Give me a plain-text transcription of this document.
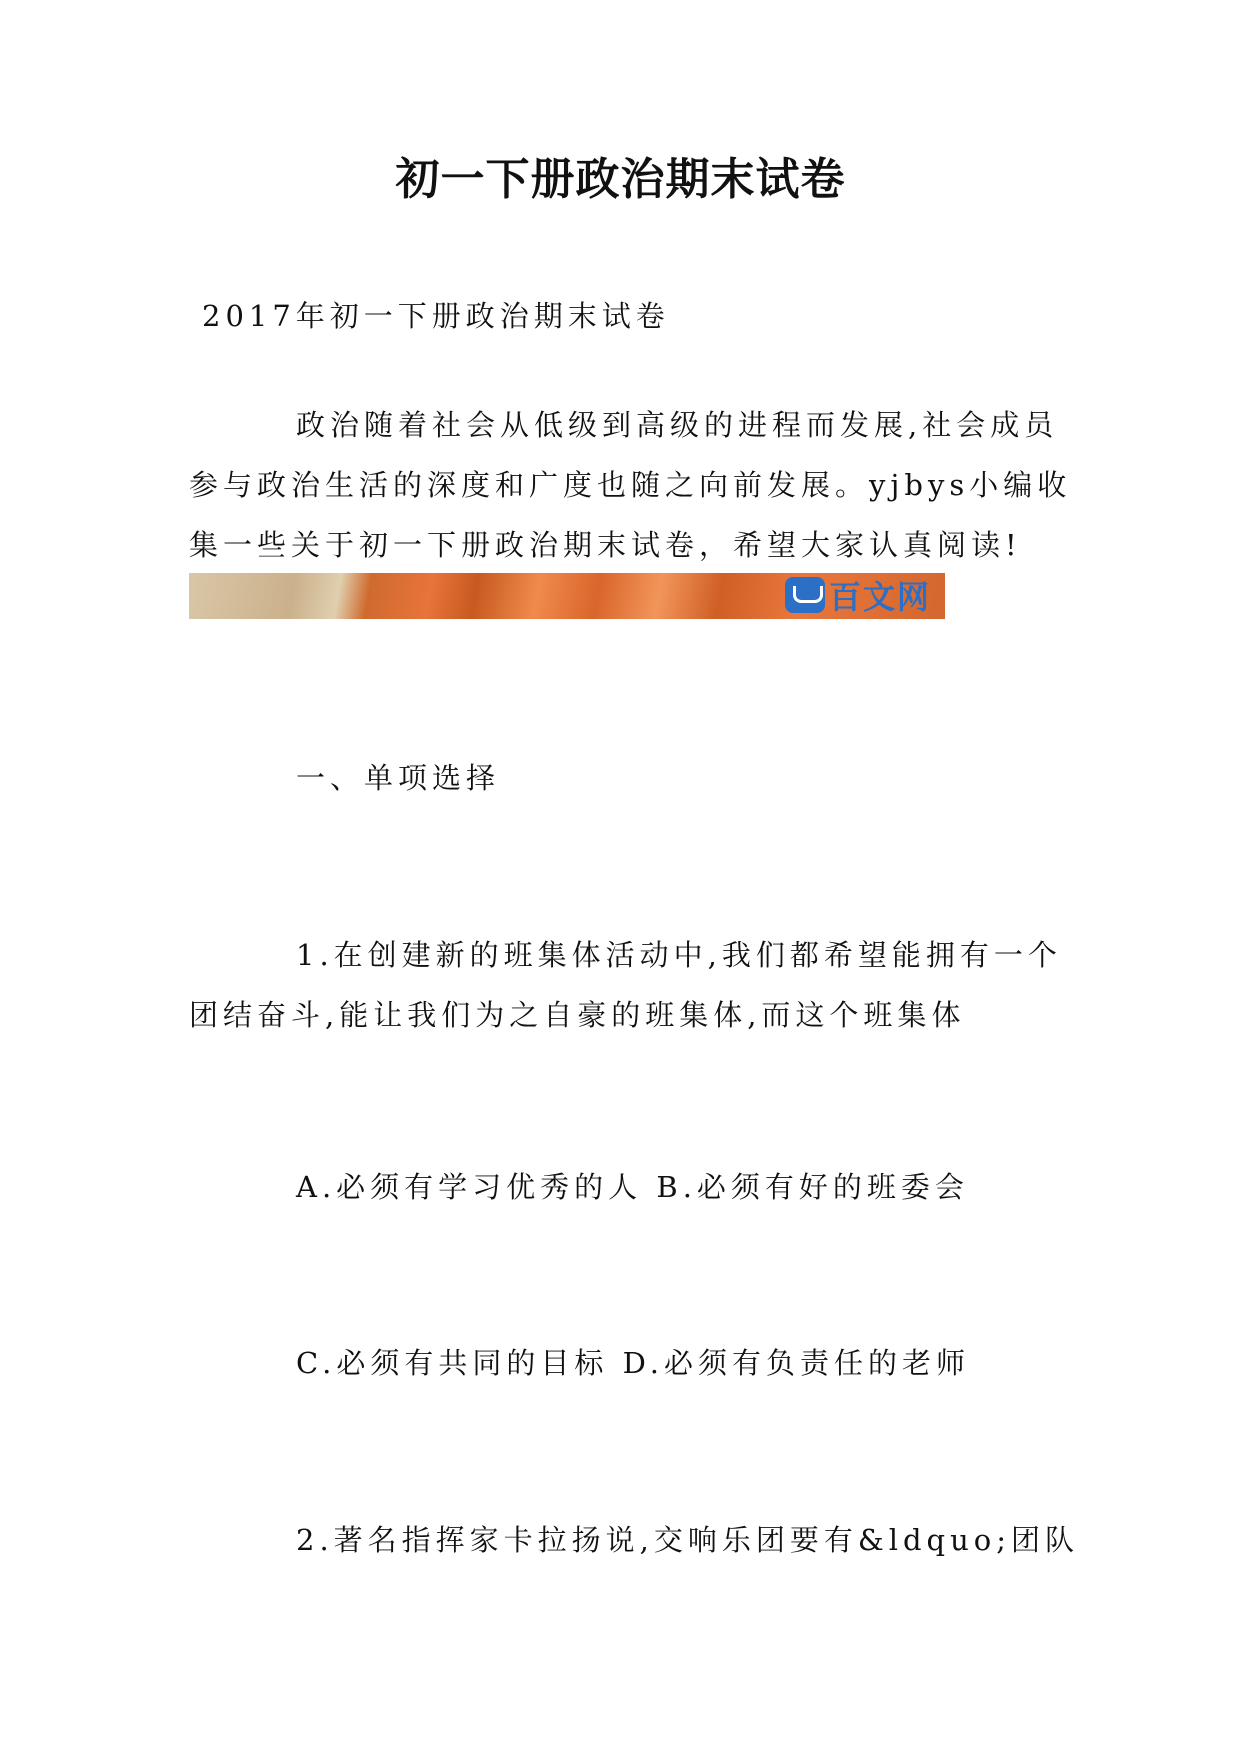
初一下册政治期末试卷
2017年初一下册政治期末试卷
政治随着社会从低级到高级的进程而发展,社会成员
参与政治生活的深度和广度也随之向前发展。yjbys小编收
集一些关于初一下册政治期末试卷，希望大家认真阅读!
百文网
一、单项选择
1.在创建新的班集体活动中,我们都希望能拥有一个
团结奋斗,能让我们为之自豪的班集体,而这个班集体
A.必须有学习优秀的人 B.必须有好的班委会
C.必须有共同的目标 D.必须有负责任的老师
2.著名指挥家卡拉扬说,交响乐团要有&ldquo;团队
